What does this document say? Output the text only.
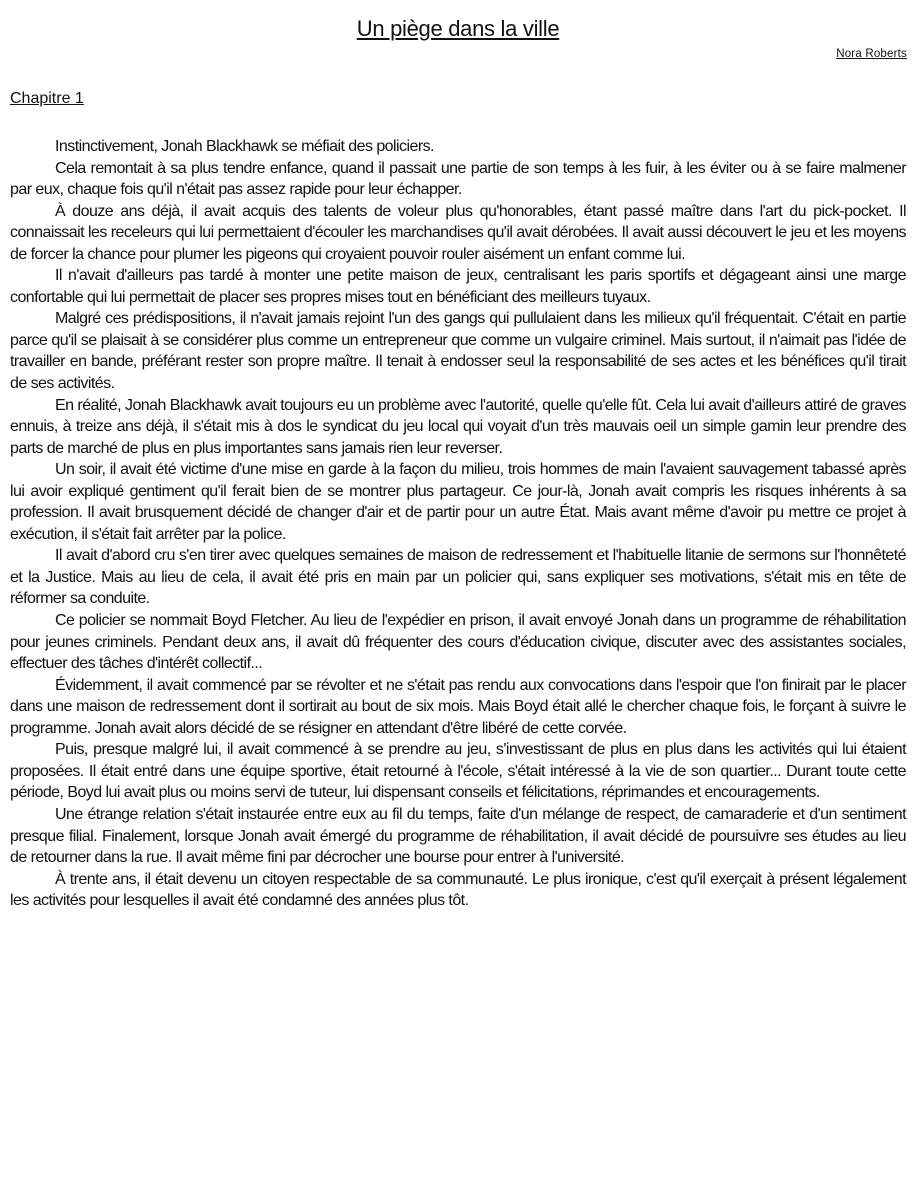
Un piège dans la ville
Nora Roberts
Chapitre 1

Instinctivement, Jonah Blackhawk se méfiait des policiers.

Cela remontait à sa plus tendre enfance, quand il passait une partie de son temps à les fuir, à les éviter ou à se faire malmener par eux, chaque fois qu'il n'était pas assez rapide pour leur échapper.

À douze ans déjà, il avait acquis des talents de voleur plus qu'honorables, étant passé maître dans l'art du pick-pocket. Il connaissait les receleurs qui lui permettaient d'écouler les marchandises qu'il avait dérobées. Il avait aussi découvert le jeu et les moyens de forcer la chance pour plumer les pigeons qui croyaient pouvoir rouler aisément un enfant comme lui.

Il n'avait d'ailleurs pas tardé à monter une petite maison de jeux, centralisant les paris sportifs et dégageant ainsi une marge confortable qui lui permettait de placer ses propres mises tout en bénéficiant des meilleurs tuyaux.

Malgré ces prédispositions, il n'avait jamais rejoint l'un des gangs qui pullulaient dans les milieux qu'il fréquentait. C'était en partie parce qu'il se plaisait à se considérer plus comme un entrepreneur que comme un vulgaire criminel. Mais surtout, il n'aimait pas l'idée de travailler en bande, préférant rester son propre maître. Il tenait à endosser seul la responsabilité de ses actes et les bénéfices qu'il tirait de ses activités.

En réalité, Jonah Blackhawk avait toujours eu un problème avec l'autorité, quelle qu'elle fût. Cela lui avait d'ailleurs attiré de graves ennuis, à treize ans déjà, il s'était mis à dos le syndicat du jeu local qui voyait d'un très mauvais oeil un simple gamin leur prendre des parts de marché de plus en plus importantes sans jamais rien leur reverser.

Un soir, il avait été victime d'une mise en garde à la façon du milieu, trois hommes de main l'avaient sauvagement tabassé après lui avoir expliqué gentiment qu'il ferait bien de se montrer plus partageur. Ce jour-là, Jonah avait compris les risques inhérents à sa profession. Il avait brusquement décidé de changer d'air et de partir pour un autre État. Mais avant même d'avoir pu mettre ce projet à exécution, il s'était fait arrêter par la police.

Il avait d'abord cru s'en tirer avec quelques semaines de maison de redressement et l'habituelle litanie de sermons sur l'honnêteté et la Justice. Mais au lieu de cela, il avait été pris en main par un policier qui, sans expliquer ses motivations, s'était mis en tête de réformer sa conduite.

Ce policier se nommait Boyd Fletcher. Au lieu de l'expédier en prison, il avait envoyé Jonah dans un programme de réhabilitation pour jeunes criminels. Pendant deux ans, il avait dû fréquenter des cours d'éducation civique, discuter avec des assistantes sociales, effectuer des tâches d'intérêt collectif...

Évidemment, il avait commencé par se révolter et ne s'était pas rendu aux convocations dans l'espoir que l'on finirait par le placer dans une maison de redressement dont il sortirait au bout de six mois. Mais Boyd était allé le chercher chaque fois, le forçant à suivre le programme. Jonah avait alors décidé de se résigner en attendant d'être libéré de cette corvée.

Puis, presque malgré lui, il avait commencé à se prendre au jeu, s'investissant de plus en plus dans les activités qui lui étaient proposées. Il était entré dans une équipe sportive, était retourné à l'école, s'était intéressé à la vie de son quartier... Durant toute cette période, Boyd lui avait plus ou moins servi de tuteur, lui dispensant conseils et félicitations, réprimandes et encouragements.

Une étrange relation s'était instaurée entre eux au fil du temps, faite d'un mélange de respect, de camaraderie et d'un sentiment presque filial. Finalement, lorsque Jonah avait émergé du programme de réhabilitation, il avait décidé de poursuivre ses études au lieu de retourner dans la rue. Il avait même fini par décrocher une bourse pour entrer à l'université.

À trente ans, il était devenu un citoyen respectable de sa communauté. Le plus ironique, c'est qu'il exerçait à présent légalement les activités pour lesquelles il avait été condamné des années plus tôt.
